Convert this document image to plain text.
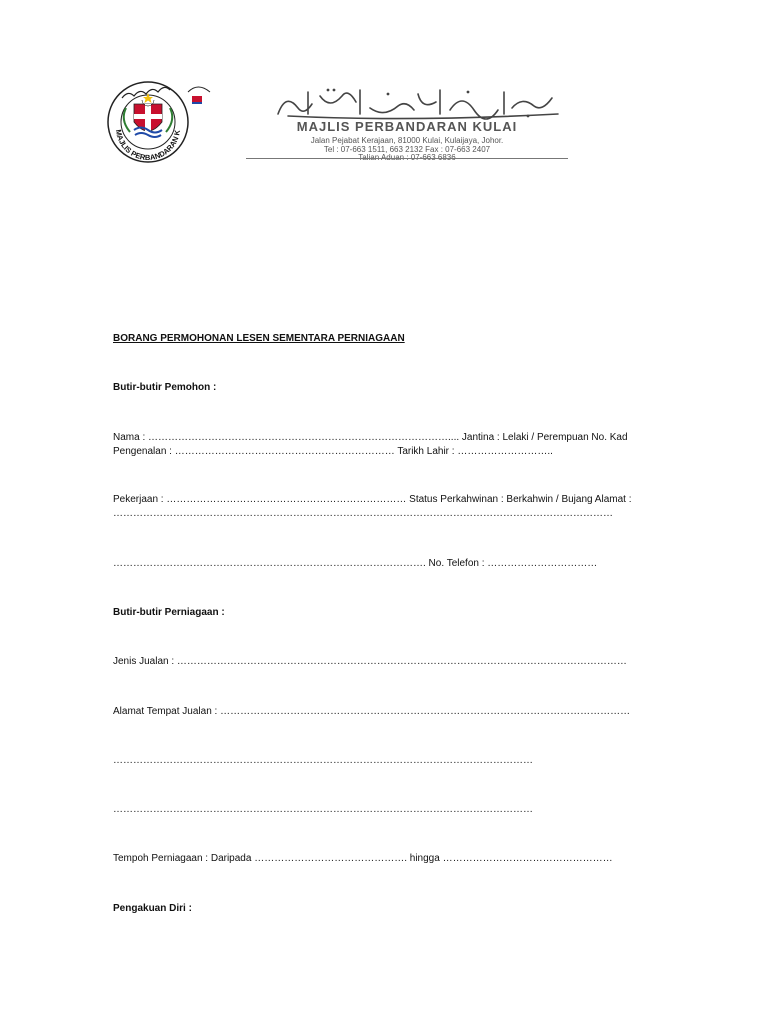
MAJLIS PERBANDARAN K	MAJLIS PERBANDARAN KULAI
Jalan Pejabat Kerajaan, 81000 Kulai, Kulaijaya, Johor.
Tel : 07-663 1511, 663 2132 Fax : 07-663 2407
BORANG PERMOHONAN LESEN SEMENTARA PERNIAGAAN
Butir-butir Pemohon :
Nama : ……………………………………………………………………………….... Jantina : Lelaki / Perempuan No. Kad
Pengenalan : ………………………………………………………… Tarikh Lahir : ………………………..
Pekerjaan : ……………………………………………………………… Status Perkahwinan : Berkahwin / Bujang Alamat :
……………………………………………………………………………………………………………………………………
…………………………………………………………………………………. No. Telefon : ……………………………
Butir-butir Perniagaan :
Jenis Jualan : ………………………………………………………………………………………………………………………
Alamat Tempat Jualan : ……………………………………………………………………………………………………………
………………………………………………………………………………………………………………
………………………………………………………………………………………………………………
Tempoh Perniagaan : Daripada ………………………………………. hingga ……………………………………………
Pengakuan Diri :
